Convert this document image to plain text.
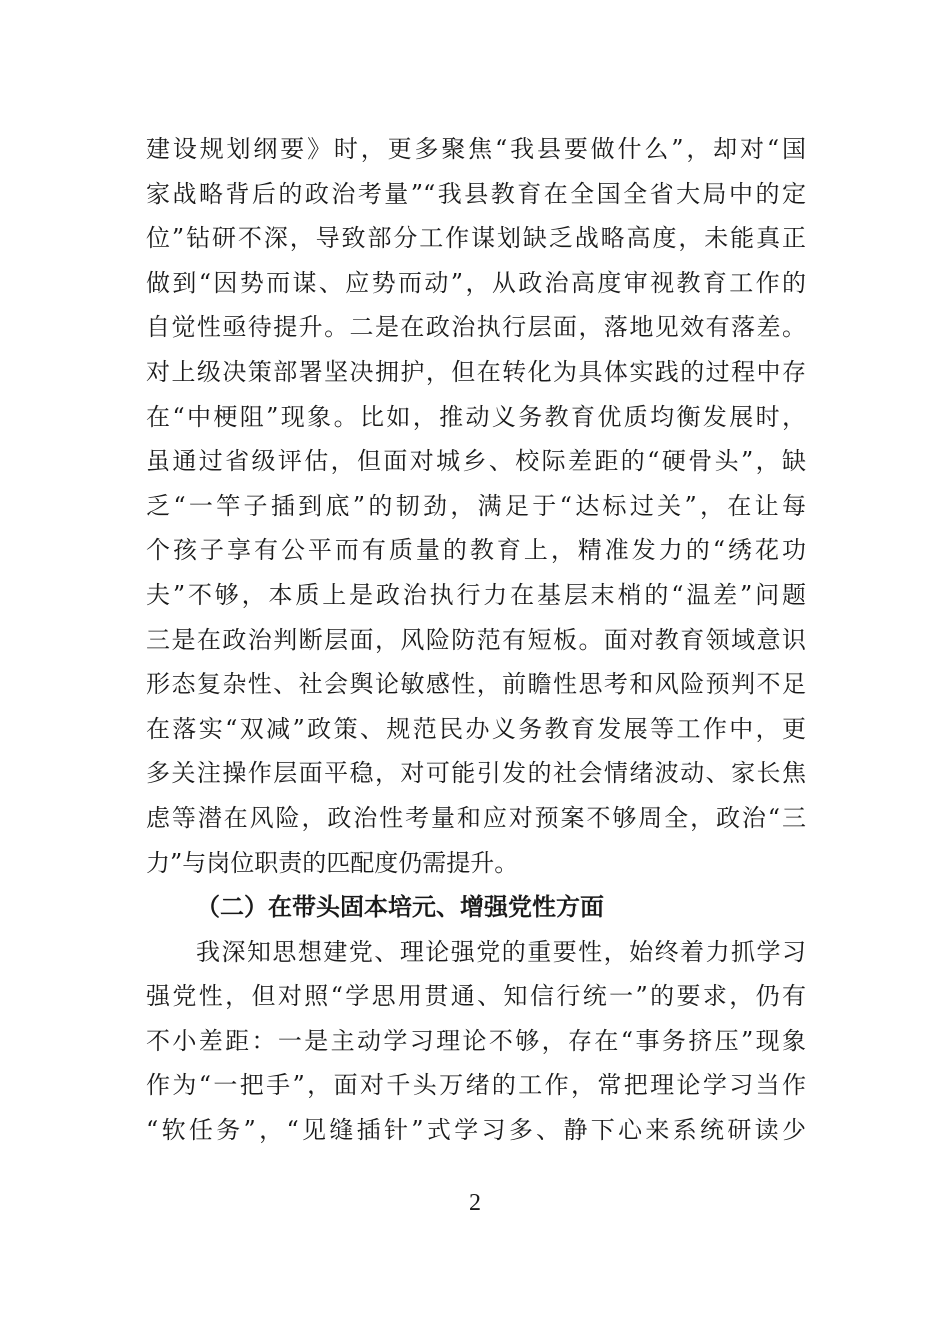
建设规划纲要》时，更多聚焦“我县要做什么”，却对“国
家战略背后的政治考量”“我县教育在全国全省大局中的定
位”钻研不深，导致部分工作谋划缺乏战略高度，未能真正
做到“因势而谋、应势而动”，从政治高度审视教育工作的
自觉性亟待提升。二是在政治执行层面，落地见效有落差。
对上级决策部署坚决拥护，但在转化为具体实践的过程中存
在“中梗阻”现象。比如，推动义务教育优质均衡发展时，
虽通过省级评估，但面对城乡、校际差距的“硬骨头”，缺
乏“一竿子插到底”的韧劲，满足于“达标过关”，在让每
个孩子享有公平而有质量的教育上，精准发力的“绣花功
夫”不够，本质上是政治执行力在基层末梢的“温差”问题
三是在政治判断层面，风险防范有短板。面对教育领域意识
形态复杂性、社会舆论敏感性，前瞻性思考和风险预判不足
在落实“双减”政策、规范民办义务教育发展等工作中，更
多关注操作层面平稳，对可能引发的社会情绪波动、家长焦
虑等潜在风险，政治性考量和应对预案不够周全，政治“三
力”与岗位职责的匹配度仍需提升。
（二）在带头固本培元、增强党性方面
我深知思想建党、理论强党的重要性，始终着力抓学习
强党性，但对照“学思用贯通、知信行统一”的要求，仍有
不小差距：一是主动学习理论不够，存在“事务挤压”现象
作为“一把手”，面对千头万绪的工作，常把理论学习当作
“软任务”，“见缝插针”式学习多、静下心来系统研读少
2
